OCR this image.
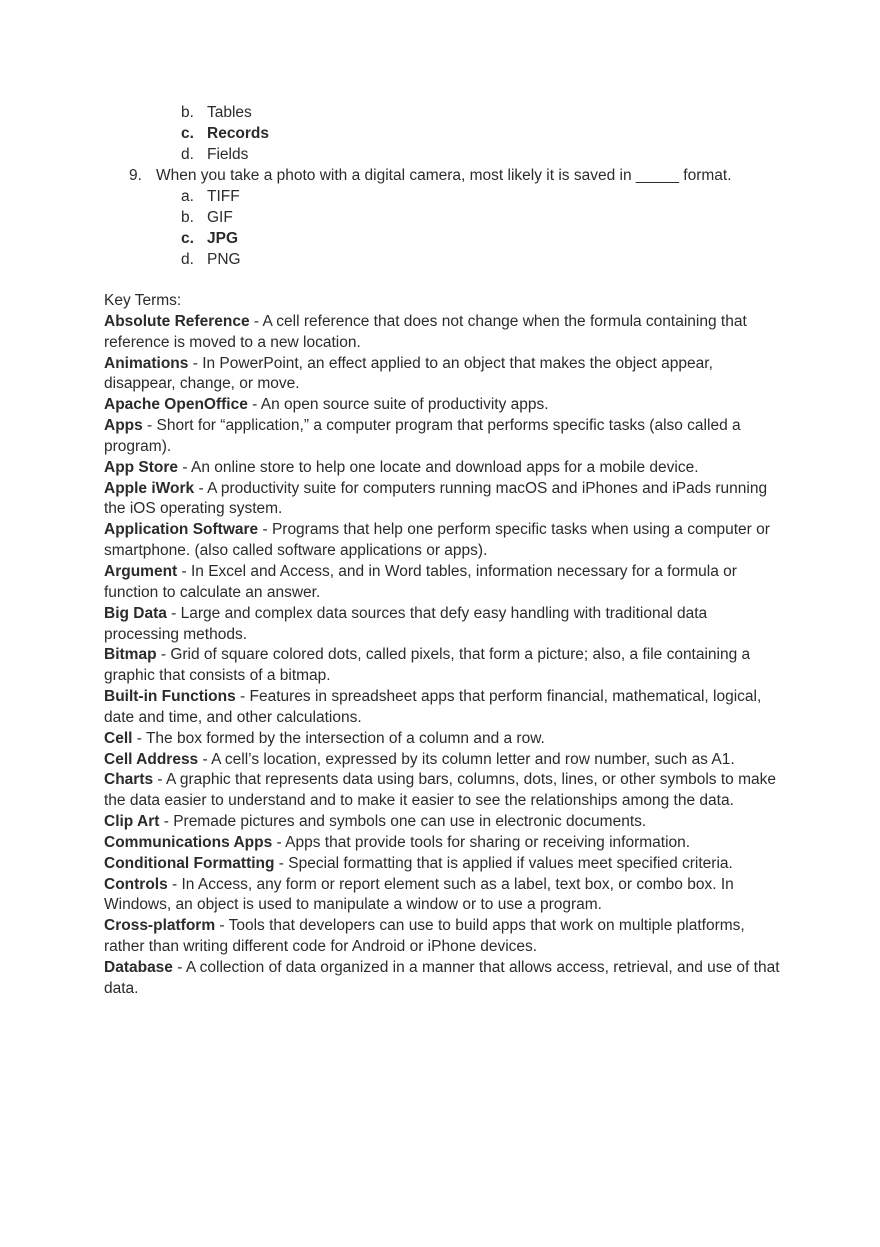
b. Tables
c. Records
d. Fields
9. When you take a photo with a digital camera, most likely it is saved in _____ format.
a. TIFF
b. GIF
c. JPG
d. PNG

Key Terms:

Absolute Reference - A cell reference that does not change when the formula containing that reference is moved to a new location.

Animations - In PowerPoint, an effect applied to an object that makes the object appear, disappear, change, or move.

Apache OpenOffice - An open source suite of productivity apps.

Apps - Short for “application,” a computer program that performs specific tasks (also called a program).

App Store - An online store to help one locate and download apps for a mobile device.

Apple iWork - A productivity suite for computers running macOS and iPhones and iPads running the iOS operating system.

Application Software - Programs that help one perform specific tasks when using a computer or smartphone. (also called software applications or apps).

Argument - In Excel and Access, and in Word tables, information necessary for a formula or function to calculate an answer.

Big Data - Large and complex data sources that defy easy handling with traditional data processing methods.

Bitmap - Grid of square colored dots, called pixels, that form a picture; also, a file containing a graphic that consists of a bitmap.

Built-in Functions - Features in spreadsheet apps that perform financial, mathematical, logical, date and time, and other calculations.

Cell - The box formed by the intersection of a column and a row.

Cell Address - A cell’s location, expressed by its column letter and row number, such as A1.

Charts - A graphic that represents data using bars, columns, dots, lines, or other symbols to make the data easier to understand and to make it easier to see the relationships among the data.

Clip Art - Premade pictures and symbols one can use in electronic documents.

Communications Apps - Apps that provide tools for sharing or receiving information.

Conditional Formatting - Special formatting that is applied if values meet specified criteria.

Controls - In Access, any form or report element such as a label, text box, or combo box. In Windows, an object is used to manipulate a window or to use a program.

Cross-platform - Tools that developers can use to build apps that work on multiple platforms, rather than writing different code for Android or iPhone devices.

Database - A collection of data organized in a manner that allows access, retrieval, and use of that data.
